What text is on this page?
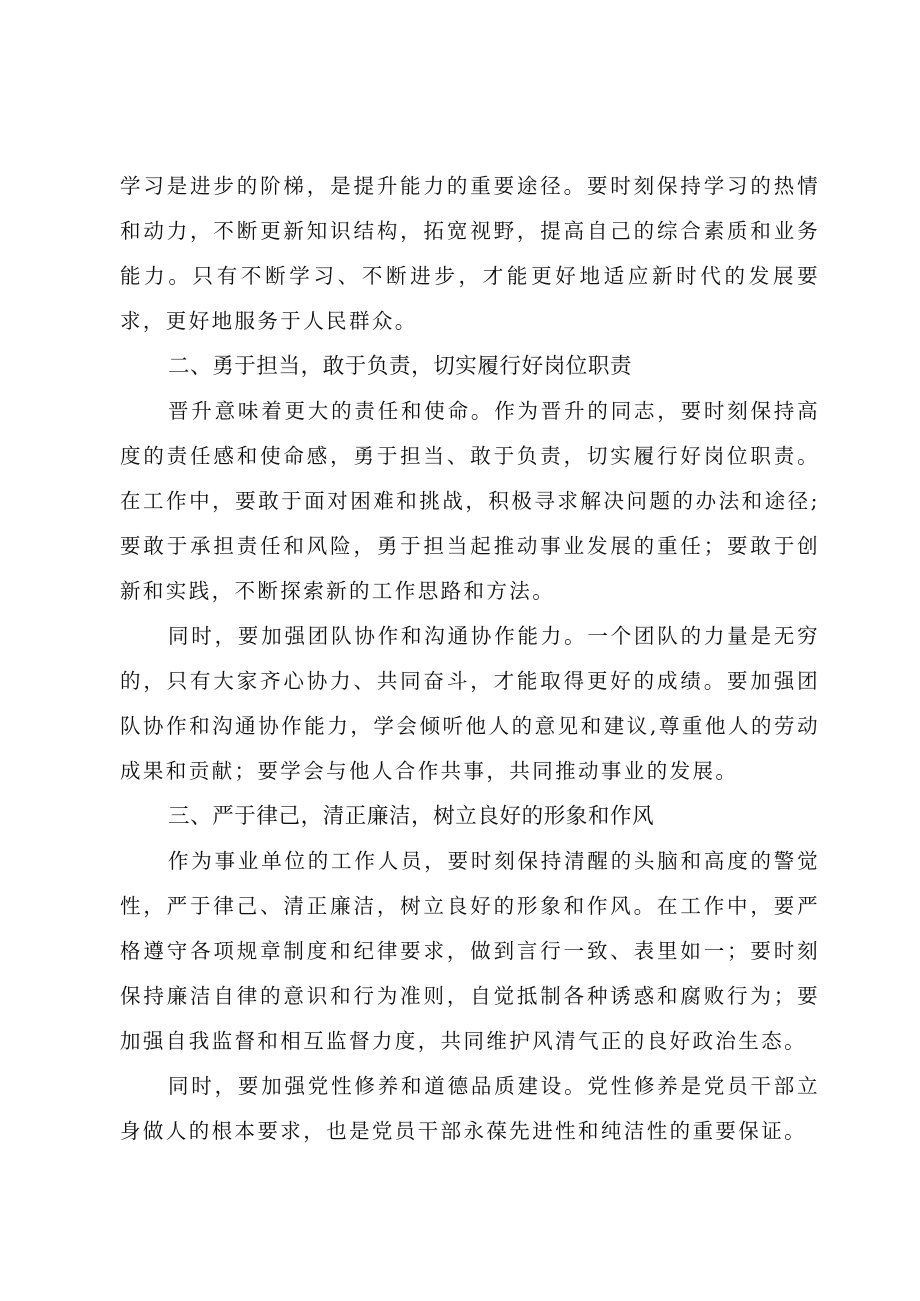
学习是进步的阶梯，是提升能力的重要途径。要时刻保持学习的热情和动力，不断更新知识结构，拓宽视野，提高自己的综合素质和业务能力。只有不断学习、不断进步，才能更好地适应新时代的发展要求，更好地服务于人民群众。

二、勇于担当，敢于负责，切实履行好岗位职责

晋升意味着更大的责任和使命。作为晋升的同志，要时刻保持高度的责任感和使命感，勇于担当、敢于负责，切实履行好岗位职责。在工作中，要敢于面对困难和挑战，积极寻求解决问题的办法和途径;要敢于承担责任和风险，勇于担当起推动事业发展的重任；要敢于创新和实践，不断探索新的工作思路和方法。

同时，要加强团队协作和沟通协作能力。一个团队的力量是无穷的，只有大家齐心协力、共同奋斗，才能取得更好的成绩。要加强团队协作和沟通协作能力，学会倾听他人的意见和建议,尊重他人的劳动成果和贡献；要学会与他人合作共事，共同推动事业的发展。

三、严于律己，清正廉洁，树立良好的形象和作风

作为事业单位的工作人员，要时刻保持清醒的头脑和高度的警觉性，严于律己、清正廉洁，树立良好的形象和作风。在工作中，要严格遵守各项规章制度和纪律要求，做到言行一致、表里如一；要时刻保持廉洁自律的意识和行为准则，自觉抵制各种诱惑和腐败行为；要加强自我监督和相互监督力度，共同维护风清气正的良好政治生态。

同时，要加强党性修养和道德品质建设。党性修养是党员干部立身做人的根本要求，也是党员干部永葆先进性和纯洁性的重要保证。
